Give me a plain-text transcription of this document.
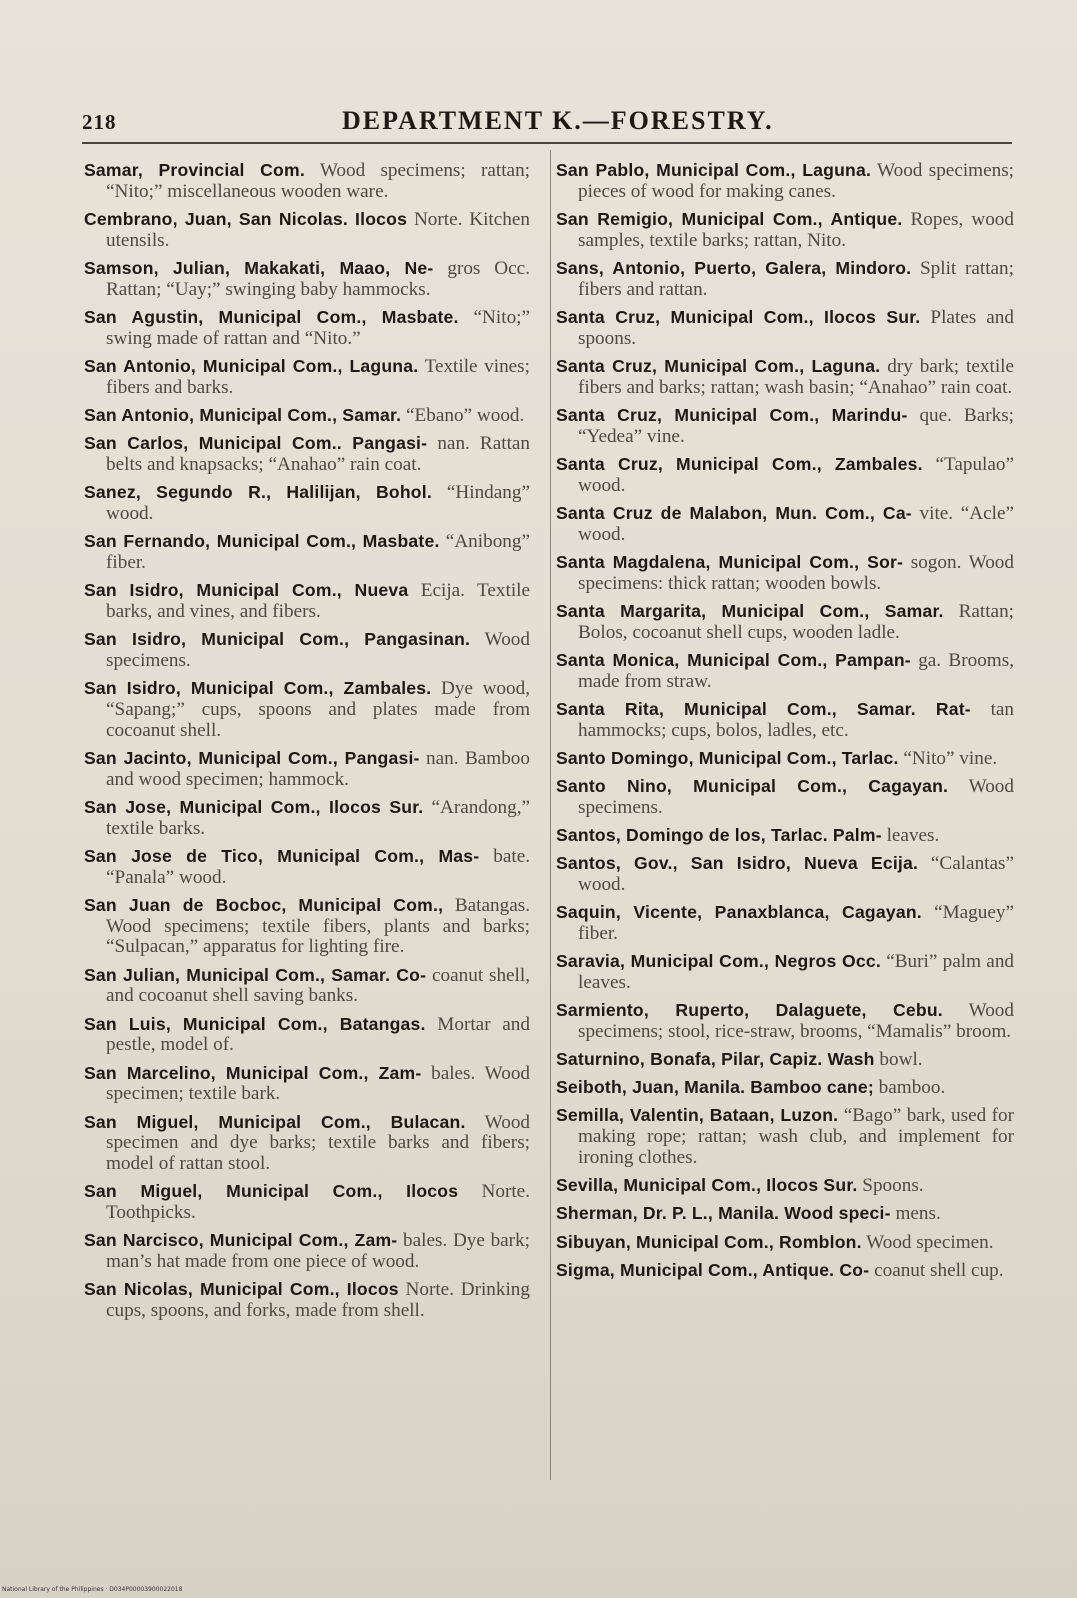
218	DEPARTMENT K.—FORESTRY.

Samar, Provincial Com. Wood specimens; rattan; “Nito;” miscellaneous wooden ware.

Cembrano, Juan, San Nicolas. Ilocos Norte. Kitchen utensils.

Samson, Julian, Makakati, Maao, Ne- gros Occ. Rattan; “Uay;” swinging baby hammocks.

San Agustin, Municipal Com., Masbate. “Nito;” swing made of rattan and “Nito.”

San Antonio, Municipal Com., Laguna. Textile vines; fibers and barks.

San Antonio, Municipal Com., Samar. “Ebano” wood.

San Carlos, Municipal Com.. Pangasi- nan. Rattan belts and knapsacks; “Anahao” rain coat.

Sanez, Segundo R., Halilijan, Bohol. “Hindang” wood.

San Fernando, Municipal Com., Masbate. “Anibong” fiber.

San Isidro, Municipal Com., Nueva Ecija. Textile barks, and vines, and fibers.

San Isidro, Municipal Com., Pangasinan. Wood specimens.

San Isidro, Municipal Com., Zambales. Dye wood, “Sapang;” cups, spoons and plates made from cocoanut shell.

San Jacinto, Municipal Com., Pangasi- nan. Bamboo and wood specimen; hammock.

San Jose, Municipal Com., Ilocos Sur. “Arandong,” textile barks.

San Jose de Tico, Municipal Com., Mas- bate. “Panala” wood.

San Juan de Bocboc, Municipal Com., Batangas. Wood specimens; textile fibers, plants and barks; “Sulpacan,” apparatus for lighting fire.

San Julian, Municipal Com., Samar. Co- coanut shell, and cocoanut shell saving banks.

San Luis, Municipal Com., Batangas. Mortar and pestle, model of.

San Marcelino, Municipal Com., Zam- bales. Wood specimen; textile bark.

San Miguel, Municipal Com., Bulacan. Wood specimen and dye barks; textile barks and fibers; model of rattan stool.

San Miguel, Municipal Com., Ilocos Norte. Toothpicks.

San Narcisco, Municipal Com., Zam- bales. Dye bark; man’s hat made from one piece of wood.

San Nicolas, Municipal Com., Ilocos Norte. Drinking cups, spoons, and forks, made from shell.

San Pablo, Municipal Com., Laguna. Wood specimens; pieces of wood for making canes.

San Remigio, Municipal Com., Antique. Ropes, wood samples, textile barks; rattan, Nito.

Sans, Antonio, Puerto, Galera, Mindoro. Split rattan; fibers and rattan.

Santa Cruz, Municipal Com., Ilocos Sur. Plates and spoons.

Santa Cruz, Municipal Com., Laguna. dry bark; textile fibers and barks; rattan; wash basin; “Anahao” rain coat.

Santa Cruz, Municipal Com., Marindu- que. Barks; “Yedea” vine.

Santa Cruz, Municipal Com., Zambales. “Tapulao” wood.

Santa Cruz de Malabon, Mun. Com., Ca- vite. “Acle” wood.

Santa Magdalena, Municipal Com., Sor- sogon. Wood specimens: thick rattan; wooden bowls.

Santa Margarita, Municipal Com., Samar. Rattan; Bolos, cocoanut shell cups, wooden ladle.

Santa Monica, Municipal Com., Pampan- ga. Brooms, made from straw.

Santa Rita, Municipal Com., Samar. Rat- tan hammocks; cups, bolos, ladles, etc.

Santo Domingo, Municipal Com., Tarlac. “Nito” vine.

Santo Nino, Municipal Com., Cagayan. Wood specimens.

Santos, Domingo de los, Tarlac. Palm- leaves.

Santos, Gov., San Isidro, Nueva Ecija. “Calantas” wood.

Saquin, Vicente, Panaxblanca, Cagayan. “Maguey” fiber.

Saravia, Municipal Com., Negros Occ. “Buri” palm and leaves.

Sarmiento, Ruperto, Dalaguete, Cebu. Wood specimens; stool, rice-straw, brooms, “Mamalis” broom.

Saturnino, Bonafa, Pilar, Capiz. Wash bowl.

Seiboth, Juan, Manila. Bamboo cane; bamboo.

Semilla, Valentin, Bataan, Luzon. “Bago” bark, used for making rope; rattan; wash club, and implement for ironing clothes.

Sevilla, Municipal Com., Ilocos Sur. Spoons.

Sherman, Dr. P. L., Manila. Wood speci- mens.

Sibuyan, Municipal Com., Romblon. Wood specimen.

Sigma, Municipal Com., Antique. Co- coanut shell cup.

National Library of the Philippines · D034P00003900022018
